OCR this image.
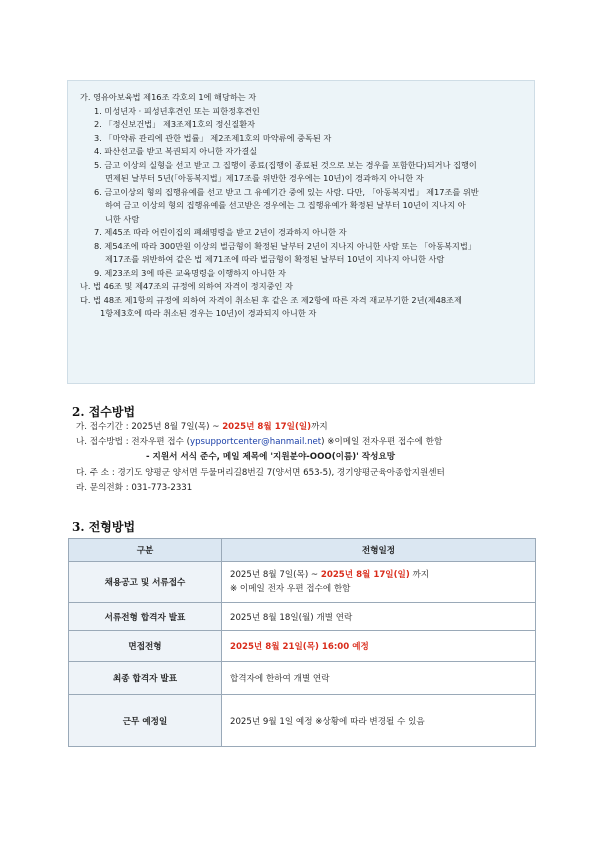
가. 영유아보육법 제16조 각호의 1에 해당하는 자
1. 미성년자 · 피성년후견인 또는 피한정후견인
2. 「정신보건법」 제3조제1호의 정신질환자
3. 「마약류 관리에 관한 법률」 제2조제1호의 마약류에 중독된 자
4. 파산선고를 받고 복권되지 아니한 자가결실
5. 금고 이상의 실형을 선고 받고 그 집행이 종료(집행이 종료된 것으로 보는 경우를 포함한다)되거나 집행이
면제된 날부터 5년(「아동복지법」제17조를 위반한 경우에는 10년)이 경과하지 아니한 자
6. 금고이상의 형의 집행유예를 선고 받고 그 유예기간 중에 있는 사람. 다만, 「아동복지법」 제17조를 위반
하여 금고 이상의 형의 집행유예를 선고받은 경우에는 그 집행유예가 확정된 날부터 10년이 지나지 아
니한 사람
7. 제45조 따라 어린이집의 폐쇄명령을 받고 2년이 경과하지 아니한 자
8. 제54조에 따라 300만원 이상의 벌금형이 확정된 날부터 2년이 지나지 아니한 사람 또는 「아동복지법」
제17조를 위반하여 같은 법 제71조에 따라 벌금형이 확정된 날부터 10년이 지나지 아니한 사람
9. 제23조의 3에 따른 교육명령을 이행하지 아니한 자
나. 법 46조 및 제47조의 규정에 의하여 자격이 정지중인 자
다. 법 48조 제1항의 규정에 의하여 자격이 취소된 후 같은 조 제2항에 따른 자격 재교부기한 2년(제48조제
1항제3호에 따라 취소된 경우는 10년)이 경과되지 아니한 자
2. 접수방법
가. 접수기간 : 2025년 8월 7일(목) ~ 2025년 8월 17일(일)까지
나. 접수방법 : 전자우편 접수 (ypsupportcenter@hanmail.net) ※이메일 전자우편 접수에 한함
- 지원서 서식 준수, 메일 제목에 '지원분야-OOO(이름)' 작성요망
다. 주 소 : 경기도 양평군 양서면 두물머리길8번길 7(양서면 653-5), 경기양평군육아종합지원센터
라. 문의전화 : 031-773-2331
3. 전형방법
구분	전형일정
채용공고 및 서류접수	2025년 8월 7일(목) ~ 2025년 8월 17일(일) 까지
※ 이메일 전자 우편 접수에 한함
서류전형 합격자 발표	2025년 8월 18일(월) 개별 연락
면접전형	2025년 8월 21일(목) 16:00 예정
최종 합격자 발표	합격자에 한하여 개별 연락
근무 예정일	2025년 9월 1일 예정 ※상황에 따라 변경될 수 있음
